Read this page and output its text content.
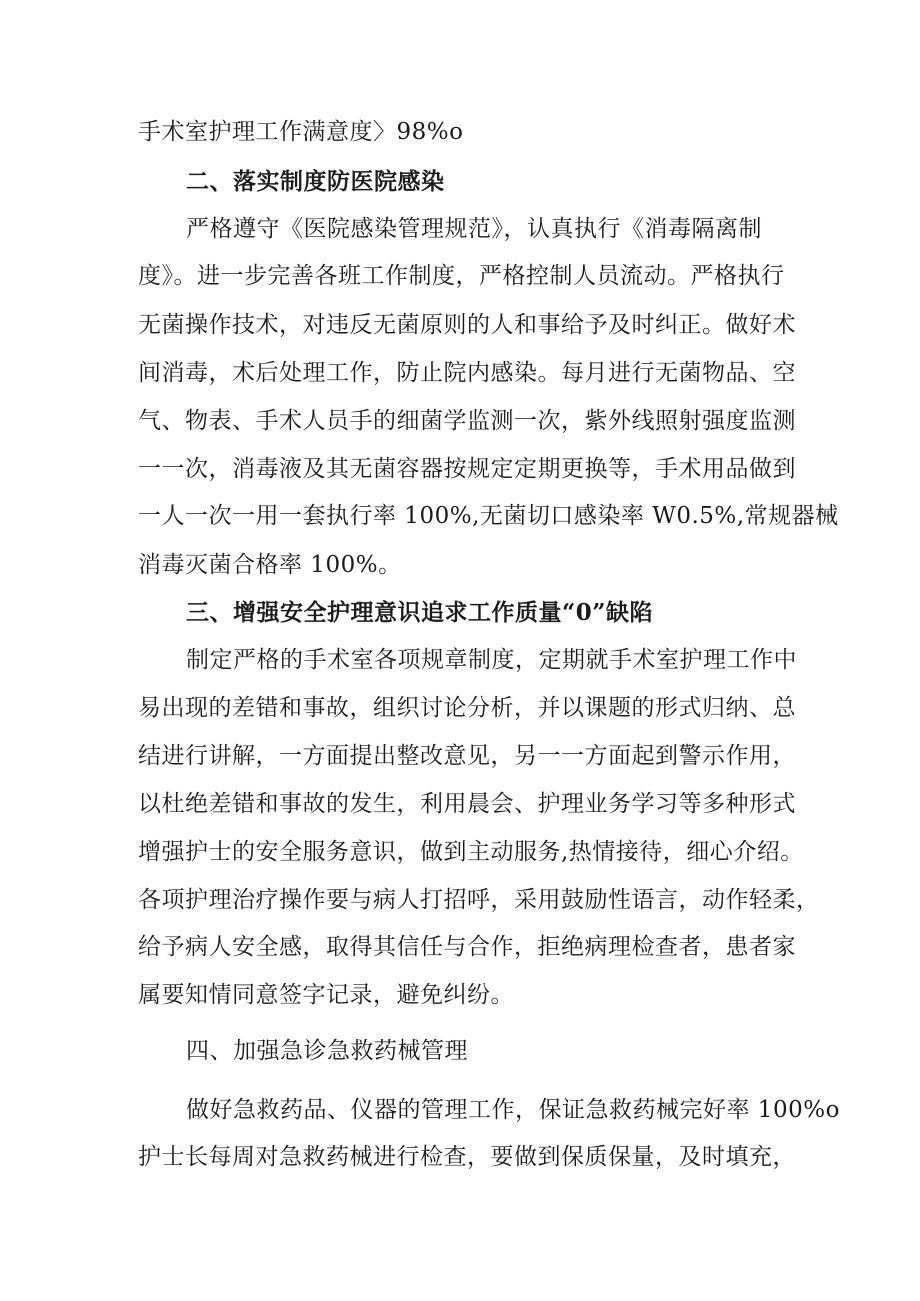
手术室护理工作满意度〉98%o
二、落实制度防医院感染
严格遵守《医院感染管理规范》，认真执行《消毒隔离制
度》。进一步完善各班工作制度，严格控制人员流动。严格执行
无菌操作技术，对违反无菌原则的人和事给予及时纠正。做好术
间消毒，术后处理工作，防止院内感染。每月进行无菌物品、空
气、物表、手术人员手的细菌学监测一次，紫外线照射强度监测
一一次，消毒液及其无菌容器按规定定期更换等，手术用品做到
一人一次一用一套执行率 100%,无菌切口感染率 W0.5%,常规器械
消毒灭菌合格率 100%。
三、增强安全护理意识追求工作质量“0”缺陷
制定严格的手术室各项规章制度，定期就手术室护理工作中
易出现的差错和事故，组织讨论分析，并以课题的形式归纳、总
结进行讲解，一方面提出整改意见，另一一方面起到警示作用，
以杜绝差错和事故的发生，利用晨会、护理业务学习等多种形式
增强护士的安全服务意识，做到主动服务,热情接待，细心介绍。
各项护理治疗操作要与病人打招呼，采用鼓励性语言，动作轻柔，
给予病人安全感，取得其信任与合作，拒绝病理检查者，患者家
属要知情同意签字记录，避免纠纷。
四、加强急诊急救药械管理
做好急救药品、仪器的管理工作，保证急救药械完好率 100%o
护士长每周对急救药械进行检查，要做到保质保量，及时填充，
